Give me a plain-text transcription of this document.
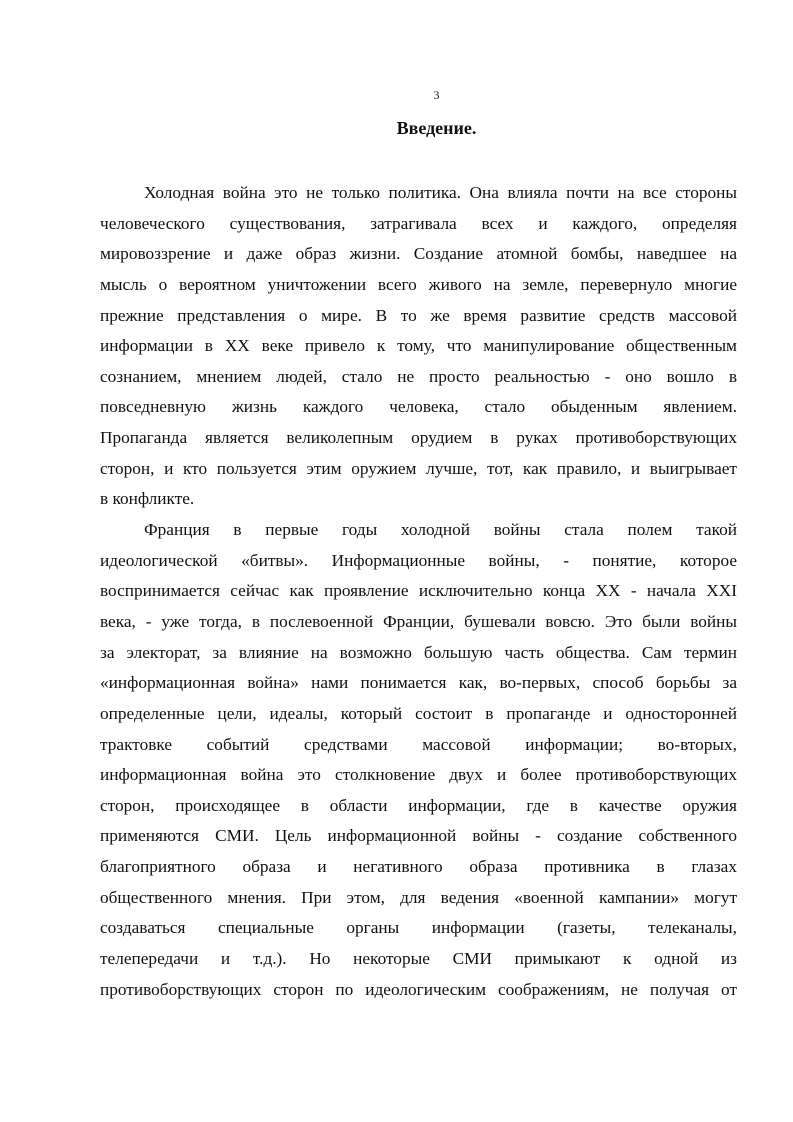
3
Введение.
Холодная война это не только политика. Она влияла почти на все стороны
человеческого существования, затрагивала всех и каждого, определяя
мировоззрение и даже образ жизни. Создание атомной бомбы, наведшее на
мысль о вероятном уничтожении всего живого на земле, перевернуло многие
прежние представления о мире. В то же время развитие средств массовой
информации в XX веке привело к тому, что манипулирование общественным
сознанием, мнением людей, стало не просто реальностью - оно вошло в
повседневную жизнь каждого человека, стало обыденным явлением.
Пропаганда является великолепным орудием в руках противоборствующих
сторон, и кто пользуется этим оружием лучше, тот, как правило, и выигрывает
в конфликте.
Франция в первые годы холодной войны стала полем такой
идеологической «битвы». Информационные войны, - понятие, которое
воспринимается сейчас как проявление исключительно конца XX - начала XXI
века, - уже тогда, в послевоенной Франции, бушевали вовсю. Это были войны
за электорат, за влияние на возможно большую часть общества. Сам термин
«информационная война» нами понимается как, во-первых, способ борьбы за
определенные цели, идеалы, который состоит в пропаганде и односторонней
трактовке событий средствами массовой информации; во-вторых,
информационная война это столкновение двух и более противоборствующих
сторон, происходящее в области информации, где в качестве оружия
применяются СМИ. Цель информационной войны - создание собственного
благоприятного образа и негативного образа противника в глазах
общественного мнения. При этом, для ведения «военной кампании» могут
создаваться специальные органы информации (газеты, телеканалы,
телепередачи и т.д.). Но некоторые СМИ примыкают к одной из
противоборствующих сторон по идеологическим соображениям, не получая от
